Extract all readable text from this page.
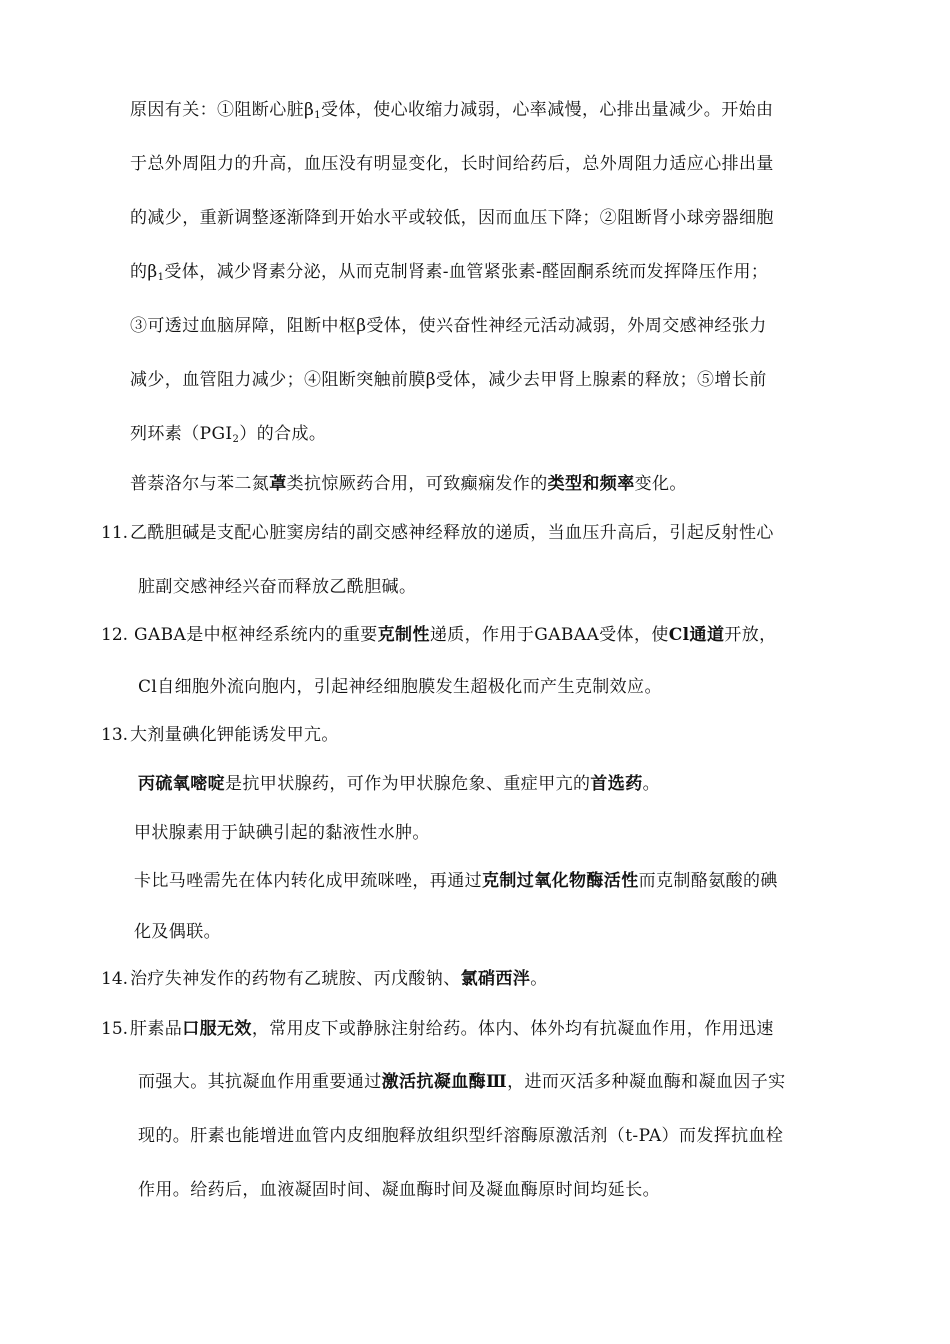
原因有关：①阻断心脏$\beta_1$受体，使心收缩力减弱，心率减慢，心排出量减少。开始由
于总外周阻力的升高，血压没有明显变化，长时间给药后，总外周阻力适应心排出量
的减少，重新调整逐渐降到开始水平或较低，因而血压下降；②阻断肾小球旁器细胞
的$\beta_1$受体，减少肾素分泌，从而克制肾素-血管紧张素-醛固酮系统而发挥降压作用；
③可透过血脑屏障，阻断中枢β受体，使兴奋性神经元活动减弱，外周交感神经张力
减少，血管阻力减少；④阻断突触前膜β受体，减少去甲肾上腺素的释放；⑤增长前
列环素$(PGI_2)$的合成。
普萘洛尔与苯二氮䓬类抗惊厥药合用，可致癫痫发作的类型和频率变化。
11. 乙酰胆碱是支配心脏窦房结的副交感神经释放的递质，当血压升高后，引起反射性心
脏副交感神经兴奋而释放乙酰胆碱。
12. GABA是中枢神经系统内的重要克制性递质，作用于GABAA受体，使Cl通道开放，
Cl自细胞外流向胞内，引起神经细胞膜发生超极化而产生克制效应。
13. 大剂量碘化钾能诱发甲亢。
丙硫氧嘧啶是抗甲状腺药，可作为甲状腺危象、重症甲亢的首选药。
甲状腺素用于缺碘引起的黏液性水肿。
卡比马唑需先在体内转化成甲巯咪唑，再通过克制过氧化物酶活性而克制酪氨酸的碘
化及偶联。
14. 治疗失神发作的药物有乙琥胺、丙戊酸钠、氯硝西泮。
15. 肝素品口服无效，常用皮下或静脉注射给药。体内、体外均有抗凝血作用，作用迅速
而强大。其抗凝血作用重要通过激活抗凝血酶Ⅲ，进而灭活多种凝血酶和凝血因子实
现的。肝素也能增进血管内皮细胞释放组织型纤溶酶原激活剂（t-PA）而发挥抗血栓
作用。给药后，血液凝固时间、凝血酶时间及凝血酶原时间均延长。
